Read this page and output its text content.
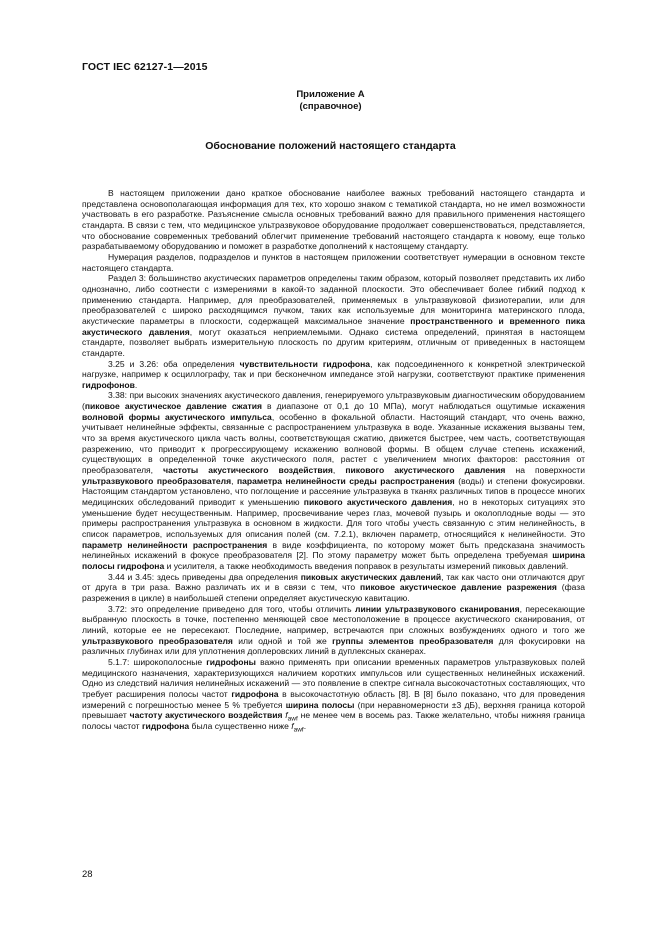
ГОСТ IEC 62127-1—2015
Приложение А
(справочное)
Обоснование положений настоящего стандарта

В настоящем приложении дано краткое обоснование наиболее важных требований настоящего стандарта и представлена основополагающая информация для тех, кто хорошо знаком с тематикой стандарта, но не имел возможности участвовать в его разработке. Разъяснение смысла основных требований важно для правильного применения настоящего стандарта. В связи с тем, что медицинское ультразвуковое оборудование продолжает совершенствоваться, представляется, что обоснование современных требований облегчит применение требований настоящего стандарта к новому, еще только разрабатываемому оборудованию и поможет в разработке дополнений к настоящему стандарту.

Нумерация разделов, подразделов и пунктов в настоящем приложении соответствует нумерации в основном тексте настоящего стандарта.

Раздел 3: большинство акустических параметров определены таким образом, который позволяет представить их либо однозначно, либо соотнести с измерениями в какой-то заданной плоскости. Это обеспечивает более гибкий подход к применению стандарта. Например, для преобразователей, применяемых в ультразвуковой физиотерапии, или для преобразователей с широко расходящимся пучком, таких как используемые для мониторинга материнского плода, акустические параметры в плоскости, содержащей максимальное значение пространственного и временного пика акустического давления, могут оказаться неприемлемыми. Однако система определений, принятая в настоящем стандарте, позволяет выбрать измерительную плоскость по другим критериям, отличным от приведенных в настоящем стандарте.

3.25 и 3.26: оба определения чувствительности гидрофона, как подсоединенного к конкретной электрической нагрузке, например к осциллографу, так и при бесконечном импедансе этой нагрузки, соответствуют практике применения гидрофонов.

3.38: при высоких значениях акустического давления, генерируемого ультразвуковым диагностическим оборудованием (пиковое акустическое давление сжатия в диапазоне от 0,1 до 10 МПа), могут наблюдаться ощутимые искажения волновой формы акустического импульса, особенно в фокальной области. Настоящий стандарт, что очень важно, учитывает нелинейные эффекты, связанные с распространением ультразвука в воде. Указанные искажения вызваны тем, что за время акустического цикла часть волны, соответствующая сжатию, движется быстрее, чем часть, соответствующая разрежению, что приводит к прогрессирующему искажению волновой формы. В общем случае степень искажений, существующих в определенной точке акустического поля, растет с увеличением многих факторов: расстояния от преобразователя, частоты акустического воздействия, пикового акустического давления на поверхности ультразвукового преобразователя, параметра нелинейности среды распространения (воды) и степени фокусировки. Настоящим стандартом установлено, что поглощение и рассеяние ультразвука в тканях различных типов в процессе многих медицинских обследований приводит к уменьшению пикового акустического давления, но в некоторых ситуациях это уменьшение будет несущественным. Например, просвечивание через глаз, мочевой пузырь и околоплодные воды — это примеры распространения ультразвука в основном в жидкости. Для того чтобы учесть связанную с этим нелинейность, в список параметров, используемых для описания полей (см. 7.2.1), включен параметр, относящийся к нелинейности. Это параметр нелинейности распространения в виде коэффициента, по которому может быть предсказана значимость нелинейных искажений в фокусе преобразователя [2]. По этому параметру может быть определена требуемая ширина полосы гидрофона и усилителя, а также необходимость введения поправок в результаты измерений пиковых давлений.

3.44 и 3.45: здесь приведены два определения пиковых акустических давлений, так как часто они отличаются друг от друга в три раза. Важно различать их и в связи с тем, что пиковое акустическое давление разрежения (фаза разрежения в цикле) в наибольшей степени определяет акустическую кавитацию.

3.72: это определение приведено для того, чтобы отличить линии ультразвукового сканирования, пересекающие выбранную плоскость в точке, постепенно меняющей свое местоположение в процессе акустического сканирования, от линий, которые ее не пересекают. Последние, например, встречаются при сложных возбуждениях одного и того же ультразвукового преобразователя или одной и той же группы элементов преобразователя для фокусировки на различных глубинах или для уплотнения доплеровских линий в дуплексных сканерах.

5.1.7: широкополосные гидрофоны важно применять при описании временных параметров ультразвуковых полей медицинского назначения, характеризующихся наличием коротких импульсов или существенных нелинейных искажений. Одно из следствий наличия нелинейных искажений — это появление в спектре сигнала высокочастотных составляющих, что требует расширения полосы частот гидрофона в высокочастотную область [8]. В [8] было показано, что для проведения измерений с погрешностью менее 5 % требуется ширина полосы (при неравномерности ±3 дБ), верхняя граница которой превышает частоту акустического воздействия $f_{awf}$ не менее чем в восемь раз. Также желательно, чтобы нижняя граница полосы частот гидрофона была существенно ниже $f_{awf}$.

28
